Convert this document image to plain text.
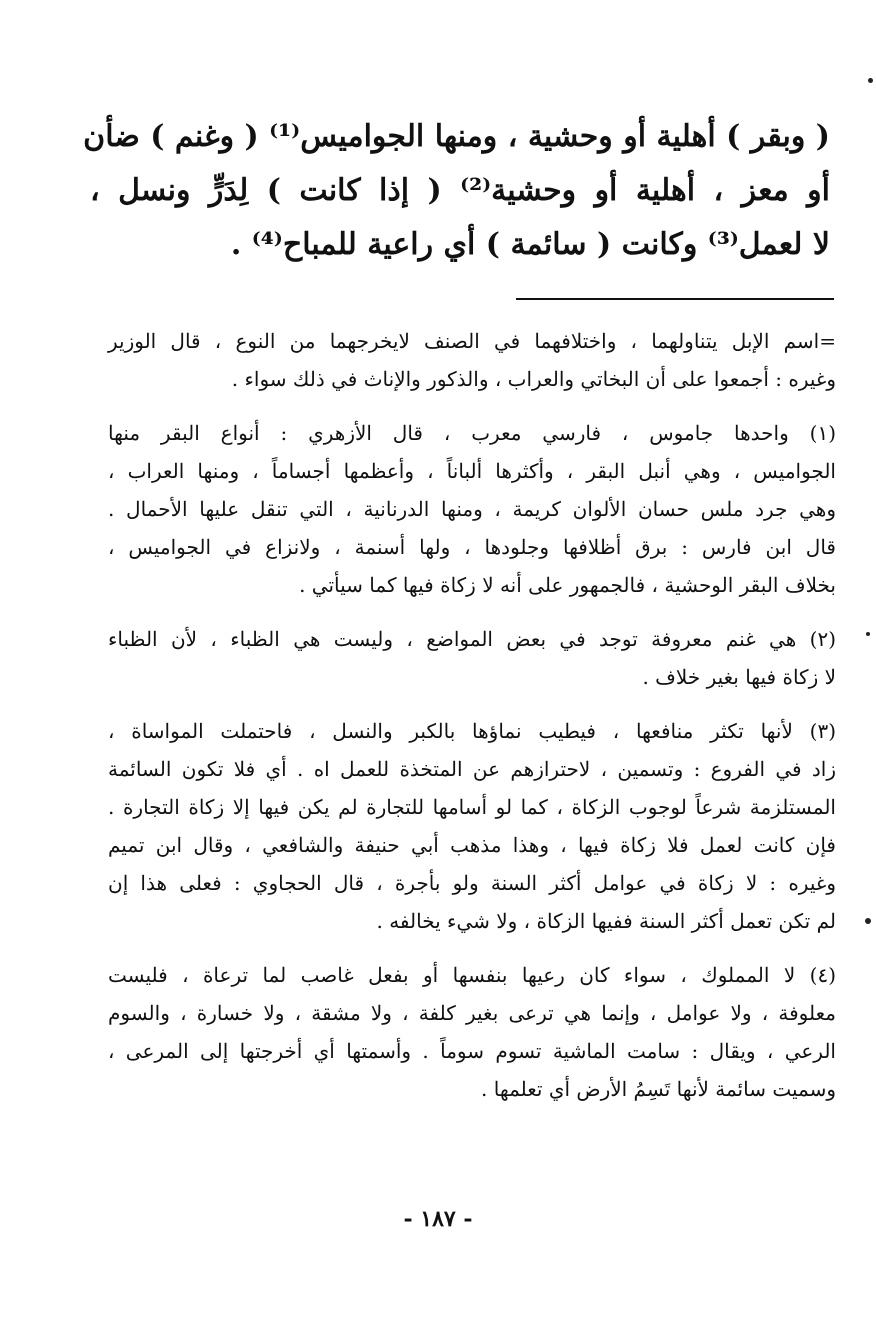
( وبقر ) أهلية أو وحشية ، ومنها الجواميس⁽¹⁾ ( وغنم ) ضأن
أو معز ، أهلية أو وحشية⁽²⁾ ( إذا كانت ) لِدَرٍّ ونسل ،
لا لعمل⁽³⁾ وكانت ( سائمة ) أي راعية للمباح⁽⁴⁾ .
=اسم الإبل يتناولهما ، واختلافهما في الصنف لايخرجهما من النوع ، قال الوزير
وغيره : أجمعوا على أن البخاتي والعراب ، والذكور والإناث في ذلك سواء .
(١) واحدها جاموس ، فارسي معرب ، قال الأزهري : أنواع البقر منها
الجواميس ، وهي أنبل البقر ، وأكثرها ألباناً ، وأعظمها أجساماً ، ومنها العراب ،
وهي جرد ملس حسان الألوان كريمة ، ومنها الدرنانية ، التي تنقل عليها الأحمال .
قال ابن فارس : برق أظلافها وجلودها ، ولها أسنمة ، ولانزاع في الجواميس ،
بخلاف البقر الوحشية ، فالجمهور على أنه لا زكاة فيها كما سيأتي .
(٢) هي غنم معروفة توجد في بعض المواضع ، وليست هي الظباء ، لأن الظباء
لا زكاة فيها بغير خلاف .
(٣) لأنها تكثر منافعها ، فيطيب نماؤها بالكبر والنسل ، فاحتملت المواساة ،
زاد في الفروع : وتسمين ، لاحترازهم عن المتخذة للعمل اه . أي فلا تكون السائمة
المستلزمة شرعاً لوجوب الزكاة ، كما لو أسامها للتجارة لم يكن فيها إلا زكاة التجارة .
فإن كانت لعمل فلا زكاة فيها ، وهذا مذهب أبي حنيفة والشافعي ، وقال ابن تميم
وغيره : لا زكاة في عوامل أكثر السنة ولو بأجرة ، قال الحجاوي : فعلى هذا إن
لم تكن تعمل أكثر السنة ففيها الزكاة ، ولا شيء يخالفه .
(٤) لا المملوك ، سواء كان رعيها بنفسها أو بفعل غاصب لما ترعاة ، فليست
معلوفة ، ولا عوامل ، وإنما هي ترعى بغير كلفة ، ولا مشقة ، ولا خسارة ، والسوم
الرعي ، ويقال : سامت الماشية تسوم سوماً . وأسمتها أي أخرجتها إلى المرعى ،
وسميت سائمة لأنها تَسِمُ الأرض أي تعلمها .
- ١٨٧ -
